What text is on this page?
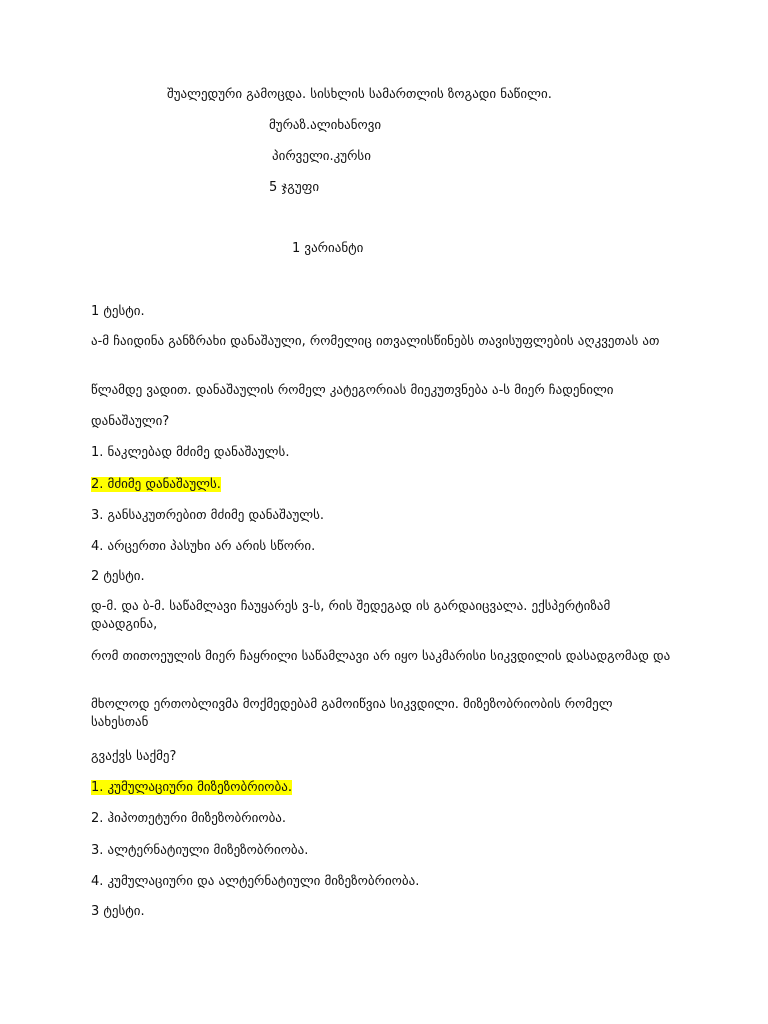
შუალედური გამოცდა. სისხლის სამართლის ზოგადი ნაწილი.
მურაზ.ალიხანოვი
პირველი.კურსი
5 ჯგუფი
1 ვარიანტი
1 ტესტი.
ა-მ ჩაიდინა განზრახი დანაშაული, რომელიც ითვალისწინებს თავისუფლების აღკვეთას ათ
წლამდე ვადით. დანაშაულის რომელ კატეგორიას მიეკუთვნება ა-ს მიერ ჩადენილი
დანაშაული?
1. ნაკლებად მძიმე დანაშაულს.
2. მძიმე დანაშაულს.
3. განსაკუთრებით მძიმე დანაშაულს.
4. არცერთი პასუხი არ არის სწორი.
2 ტესტი.
დ-მ. და ბ-მ. საწამლავი ჩაუყარეს ვ-ს, რის შედეგად ის გარდაიცვალა. ექსპერტიზამ დაადგინა,
რომ თითოეულის მიერ ჩაყრილი საწამლავი არ იყო საკმარისი სიკვდილის დასადგომად და
მხოლოდ ერთობლივმა მოქმედებამ გამოიწვია სიკვდილი. მიზეზობრიობის რომელ სახესთან
გვაქვს საქმე?
1. კუმულაციური მიზეზობრიობა.
2. ჰიპოთეტური მიზეზობრიობა.
3. ალტერნატიული მიზეზობრიობა.
4. კუმულაციური და ალტერნატიული მიზეზობრიობა.
3 ტესტი.
